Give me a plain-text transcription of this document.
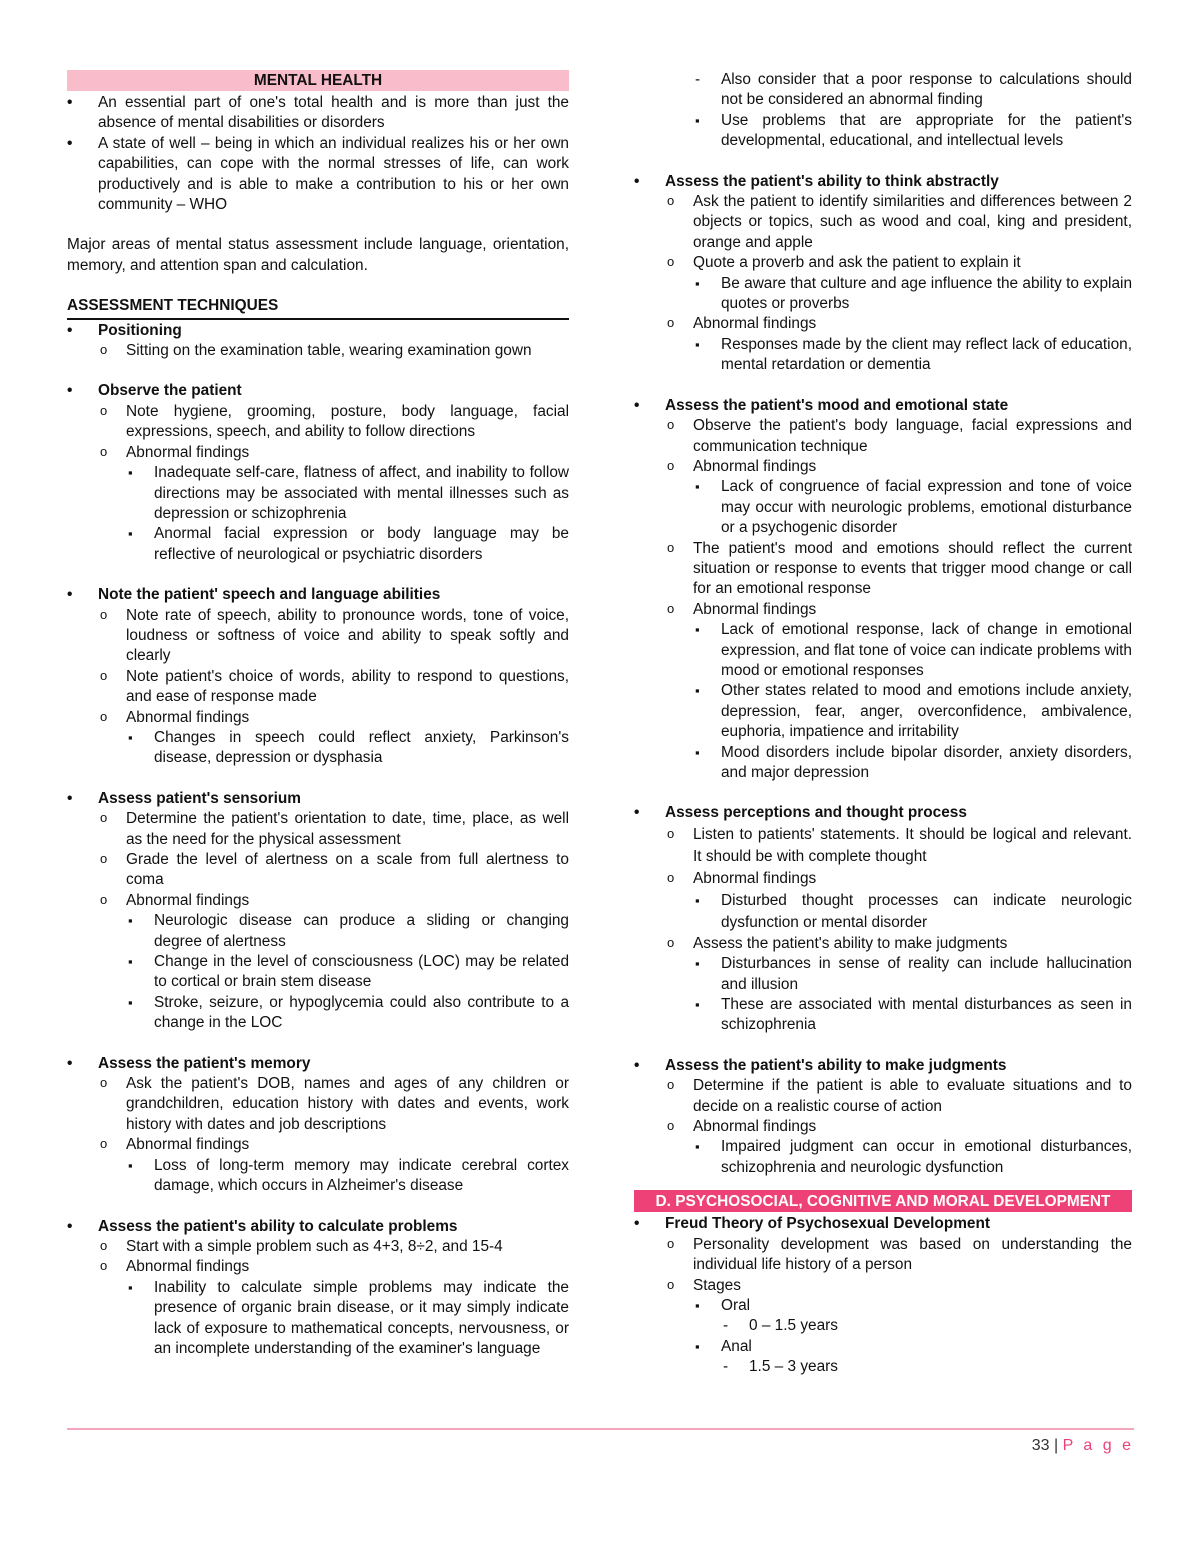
MENTAL HEALTH
• An essential part of one's total health and is more than just the absence of mental disabilities or disorders
• A state of well – being in which an individual realizes his or her own capabilities, can cope with the normal stresses of life, can work productively and is able to make a contribution to his or her own community – WHO
Major areas of mental status assessment include language, orientation, memory, and attention span and calculation.
ASSESSMENT TECHNIQUES
• Positioning
o Sitting on the examination table, wearing examination gown
• Observe the patient
o Note hygiene, grooming, posture, body language, facial expressions, speech, and ability to follow directions
o Abnormal findings
▪ Inadequate self-care, flatness of affect, and inability to follow directions may be associated with mental illnesses such as depression or schizophrenia
▪ Anormal facial expression or body language may be reflective of neurological or psychiatric disorders
• Note the patient' speech and language abilities
o Note rate of speech, ability to pronounce words, tone of voice, loudness or softness of voice and ability to speak softly and clearly
o Note patient's choice of words, ability to respond to questions, and ease of response made
o Abnormal findings
▪ Changes in speech could reflect anxiety, Parkinson's disease, depression or dysphasia
• Assess patient's sensorium
o Determine the patient's orientation to date, time, place, as well as the need for the physical assessment
o Grade the level of alertness on a scale from full alertness to coma
o Abnormal findings
▪ Neurologic disease can produce a sliding or changing degree of alertness
▪ Change in the level of consciousness (LOC) may be related to cortical or brain stem disease
▪ Stroke, seizure, or hypoglycemia could also contribute to a change in the LOC
• Assess the patient's memory
o Ask the patient's DOB, names and ages of any children or grandchildren, education history with dates and events, work history with dates and job descriptions
o Abnormal findings
▪ Loss of long-term memory may indicate cerebral cortex damage, which occurs in Alzheimer's disease
• Assess the patient's ability to calculate problems
o Start with a simple problem such as 4+3, 8÷2, and 15-4
o Abnormal findings
▪ Inability to calculate simple problems may indicate the presence of organic brain disease, or it may simply indicate lack of exposure to mathematical concepts, nervousness, or an incomplete understanding of the examiner's language
- Also consider that a poor response to calculations should not be considered an abnormal finding
▪ Use problems that are appropriate for the patient's developmental, educational, and intellectual levels
• Assess the patient's ability to think abstractly
o Ask the patient to identify similarities and differences between 2 objects or topics, such as wood and coal, king and president, orange and apple
o Quote a proverb and ask the patient to explain it
▪ Be aware that culture and age influence the ability to explain quotes or proverbs
o Abnormal findings
▪ Responses made by the client may reflect lack of education, mental retardation or dementia
• Assess the patient's mood and emotional state
o Observe the patient's body language, facial expressions and communication technique
o Abnormal findings
▪ Lack of congruence of facial expression and tone of voice may occur with neurologic problems, emotional disturbance or a psychogenic disorder
o The patient's mood and emotions should reflect the current situation or response to events that trigger mood change or call for an emotional response
o Abnormal findings
▪ Lack of emotional response, lack of change in emotional expression, and flat tone of voice can indicate problems with mood or emotional responses
▪ Other states related to mood and emotions include anxiety, depression, fear, anger, overconfidence, ambivalence, euphoria, impatience and irritability
▪ Mood disorders include bipolar disorder, anxiety disorders, and major depression
• Assess perceptions and thought process
o Listen to patients' statements. It should be logical and relevant. It should be with complete thought
o Abnormal findings
▪ Disturbed thought processes can indicate neurologic dysfunction or mental disorder
o Assess the patient's ability to make judgments
▪ Disturbances in sense of reality can include hallucination and illusion
▪ These are associated with mental disturbances as seen in schizophrenia
• Assess the patient's ability to make judgments
o Determine if the patient is able to evaluate situations and to decide on a realistic course of action
o Abnormal findings
▪ Impaired judgment can occur in emotional disturbances, schizophrenia and neurologic dysfunction
D. PSYCHOSOCIAL, COGNITIVE AND MORAL DEVELOPMENT
• Freud Theory of Psychosexual Development
o Personality development was based on understanding the individual life history of a person
o Stages
▪ Oral
- 0 – 1.5 years
▪ Anal
- 1.5 – 3 years
33 | P a g e
